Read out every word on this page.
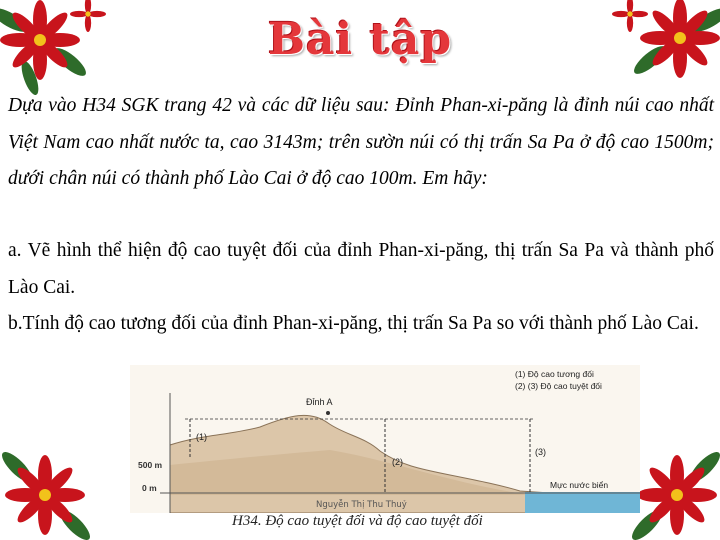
Bài tập
Dựa vào H34 SGK trang 42 và các dữ liệu sau: Đỉnh Phan-xi-păng là đỉnh núi cao nhất Việt Nam cao nhất nước ta, cao 3143m; trên sườn núi có thị trấn Sa Pa ở độ cao 1500m; dưới chân núi có thành phố Lào Cai ở độ cao 100m. Em hãy:
a. Vẽ hình thể hiện độ cao tuyệt đối của đỉnh Phan-xi-păng, thị trấn Sa Pa và thành phố Lào Cai.
b.Tính độ cao tương đối của đỉnh Phan-xi-păng, thị trấn Sa Pa so với thành phố Lào Cai.
500 m
0 m
Đỉnh A
(1)
(2)
(3)
(1) Độ cao tương đối
(2) (3) Độ cao tuyệt đối
Mực nước biển
Nguyễn Thị Thu Thuỷ
H34. Độ cao tuyệt đối và độ cao tuyệt đối
